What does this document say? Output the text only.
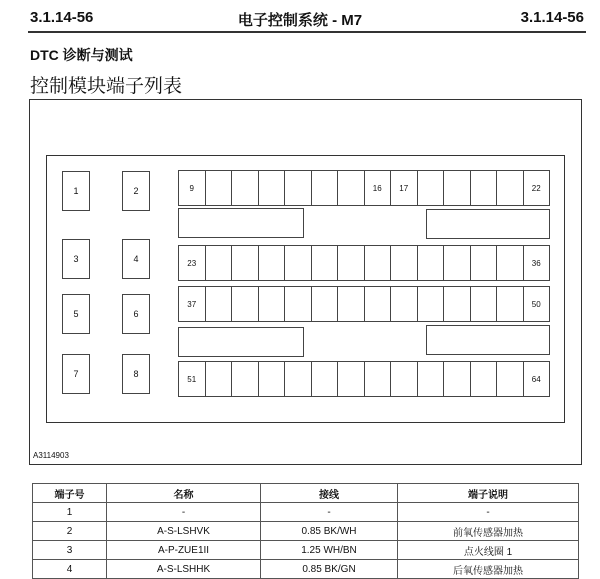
3.1.14-56	电子控制系统 - M7	3.1.14-56
DTC 诊断与测试
控制模块端子列表
1	2
3	4
5	6
7	8
9	16	17	22
23	36
37	50
51	64
A3114903
端子号	名称	接线	端子说明
1	-	-	-
2	A-S-LSHVK	0.85 BK/WH	前氧传感器加热
3	A-P-ZUE1II	1.25 WH/BN	点火线圈 1
4	A-S-LSHHK	0.85 BK/GN	后氧传感器加热
